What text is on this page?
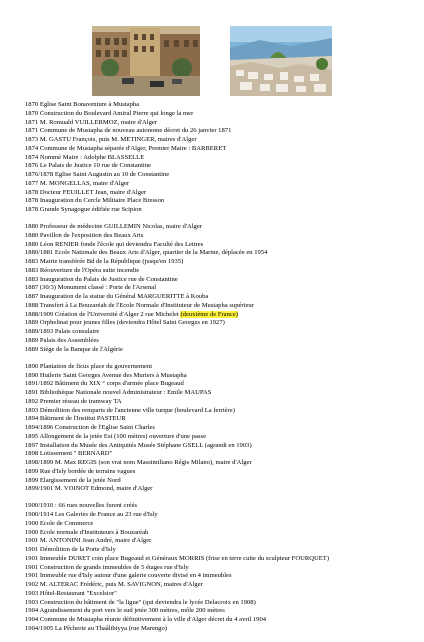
1870 Eglise Saint Bonaventure à Mustapha
1870 Construction du Boulevard Amiral Pierre qui longe la mer
1871 M. Romuald VUILLERMOZ, maire d'Alger
1871 Commune de Mustapha de nouveau autonome décret du 26 janvier 1871
1873 M. GASTU François, puis M. METINGER, maires d'Alger
1874 Commune de Mustapha séparée d'Alger, Premier Maire : BARBERET
1874 Nommé Maire : Adolphe BLASSELLE
1876 Le Palais de Justice 10 rue de Constantine
1876/1878 Eglise Saint Augustin au 10 de Constantine
1877 M. MONGELLAS, maire d'Alger
1878 Docteur FEUILLET Jean, maire d'Alger
1878 Inauguration du Cercle Militaire Place Bresson
1878 Grande Synagogue édifiée rue Scipion
1880 Professeur de médecine GUILLEMIN Nicolas, maire d'Alger
1880 Pavillon de l'exposition des Beaux Arts
1880 Léon RENIER fonde l'école qui deviendra Faculté des Lettres
1880/1881 Ecole Nationale des Beaux Arts d'Alger, quartier de la Marine, déplacée en 1954
1883 Mairie transférée Bd de la République (jusqu'en 1935)
1883 Réouverture de l'Opéra suite incendie
1883 Inauguration du Palais de Justice rue de Constantine
1887 (30/3) Monument classé : Porte de l'Arsenal
1887 Inauguration de la statue du Général MARGUERITTE à Kouba
1888 Transfert à La Bouzaréah de l'Ecole Normale d'Instituteur de Mustapha supérieur
1888/1909 Création de l'Université d'Alger 2 rue Michelet (deuxième de France)
1889 Orphelinat pour jeunes filles (deviendra Hôtel Saint Georges en 1927)
1889/1893 Palais consulaire
1889 Palais des Assemblées
1889 Siège de la Banque de l'Algérie
1890 Plantation de ficus place du gouvernement
1890 Huilerie Saint Georges Avenue des Muriers à Mustapha
1891/1892 Bâtiment du XIX ° corps d'armée place Bugeaud
1891 Bibliothèque Nationale nouvel Administrateur : Emile MAUPAS
1892 Premier réseau de tramway TA
1893 Démolition des remparts de l'ancienne ville turque (boulevard La ferrière)
1894 Bâtiment de l'Institut PASTEUR
1894/1896 Construction de l'Eglise Saint Charles
1895 Allongement de la jetée Est (100 mètres) ouverture d'une passe
1897 Installation du Musée des Antiquités Musée Stéphane GSELL (agrandi en 1903)
1898 Lotissement " BERNARD"
1898/1899 M. Max REGIS (son vrai nom Massimiliano Régis Milano), maire d'Alger
1899 Rue d'Isly bordée de terrains vagues
1899 Elargissement de la jetée Nord
1899/1901 M. VOINOT Edmond, maire d'Alger
1900/1910 : 66 rues nouvelles furent créés
1900/1914 Les Galeries de France au 23 rue d'Isly
1900 Ecole de Commerce
1900 Ecole normale d'Instituteurs à Bouzaréah
1901 M. ANTONINI Jean André, maire d'Alger
1901 Démolition de la Porte d'Isly
1901 Immeuble DURET coin place Bugeaud et Généraux MORRIS (frise en terre cuite du sculpteur FOURQUET)
1901 Construction de grands immeubles de 5 étages rue d'Isly
1901 Immeuble rue d'Isly autour d'une galerie couverte divisé en 4 immeubles
1902 M. ALTERAC Frédéric, puis M. SAVIGNON, maires d'Alger
1903 Hôtel-Restaurant "Excelsior"
1903 Construction du bâtiment de "la ligue" (qui deviendra le lycée Delacroix en 1908)
1904 Agrandissement du port vers le sud jetée 300 mètres, môle 200 mètres
1904 Commune de Mustapha réunie définitivement à la ville d'Alger décret du 4 avril 1904
1904/1905 La Pêcherie au Thaâlibiyya (rue Marengo)
